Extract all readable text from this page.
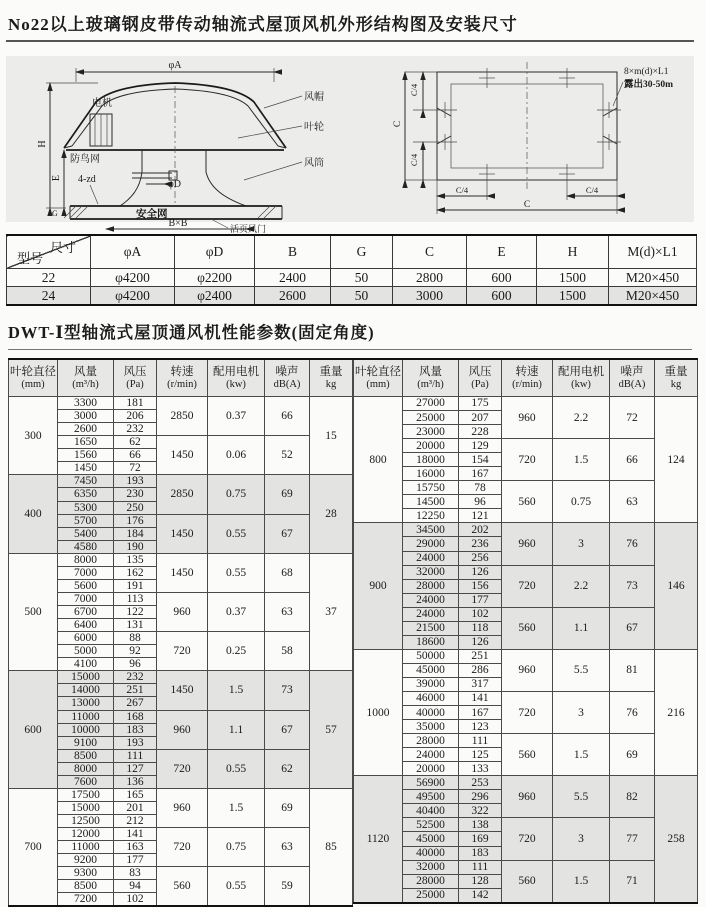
No22以上玻璃钢皮带传动轴流式屋顶风机外形结构图及安装尺寸
φA
电机
风帽
叶轮
防鸟网	风筒
H
E 4-zd	φD
G	安全网
活页风门
B×B
8×m(d)×L1
露出30-50m
C/4
C/4
C
C/4	C/4
C
尺寸
型号	φA	φD	B	G	C	E	H	M(d)×L1
22	φ4200	φ2200	2400	50	2800	600	1500	M20×450
24	φ4200	φ2400	2600	50	3000	600	1500	M20×450
DWT-Ⅰ型轴流式屋顶通风机性能参数(固定角度)
叶轮直径
(mm)

风量
(m³/h)

风压
(Pa)

转速
(r/min)

配用电机
(kw)

噪声
dB(A)

重量
kg

300	3300	181	2850	0.37	66	15
	3000	206				
	2600	232				
	1650	62	1450	0.06	52	
	1560	66				
	1450	72				
400	7450	193	2850	0.75	69	28
	6350	230				
	5300	250				
	5700	176	1450	0.55	67	
	5400	184				
	4580	190				
500	8000	135	1450	0.55	68	37
	7000	162				
	5600	191				
	7000	113	960	0.37	63	
	6700	122				
	6400	131				
	6000	88	720	0.25	58	
	5000	92				
	4100	96				
600	15000	232	1450	1.5	73	57
	14000	251				
	13000	267				
	11000	168	960	1.1	67	
	10000	183				
	9100	193				
	8500	111	720	0.55	62	
	8000	127				
	7600	136				
700	17500	165	960	1.5	69	85
	15000	201				
	12500	212				
	12000	141	720	0.75	63	
	11000	163				
	9200	177				
	9300	83	560	0.55	59	
	8500	94				
	7200	102				
叶轮直径
(mm)

风量
(m³/h)

风压
(Pa)

转速
(r/min)

配用电机
(kw)

噪声
dB(A)

重量
kg

800	27000	175	960	2.2	72	124
	25000	207				
	23000	228				
	20000	129	720	1.5	66	
	18000	154				
	16000	167				
	15750	78	560	0.75	63	
	14500	96				
	12250	121				
900	34500	202	960	3	76	146
	29000	236				
	24000	256				
	32000	126	720	2.2	73	
	28000	156				
	24000	177				
	24000	102	560	1.1	67	
	21500	118				
	18600	126				
1000	50000	251	960	5.5	81	216
	45000	286				
	39000	317				
	46000	141	720	3	76	
	40000	167				
	35000	123				
	28000	111	560	1.5	69	
	24000	125				
	20000	133				
1120	56900	253	960	5.5	82	258
	49500	296				
	40400	322				
	52500	138	720	3	77	
	45000	169				
	40000	183				
	32000	111	560	1.5	71	
	28000	128				
	25000	142				
